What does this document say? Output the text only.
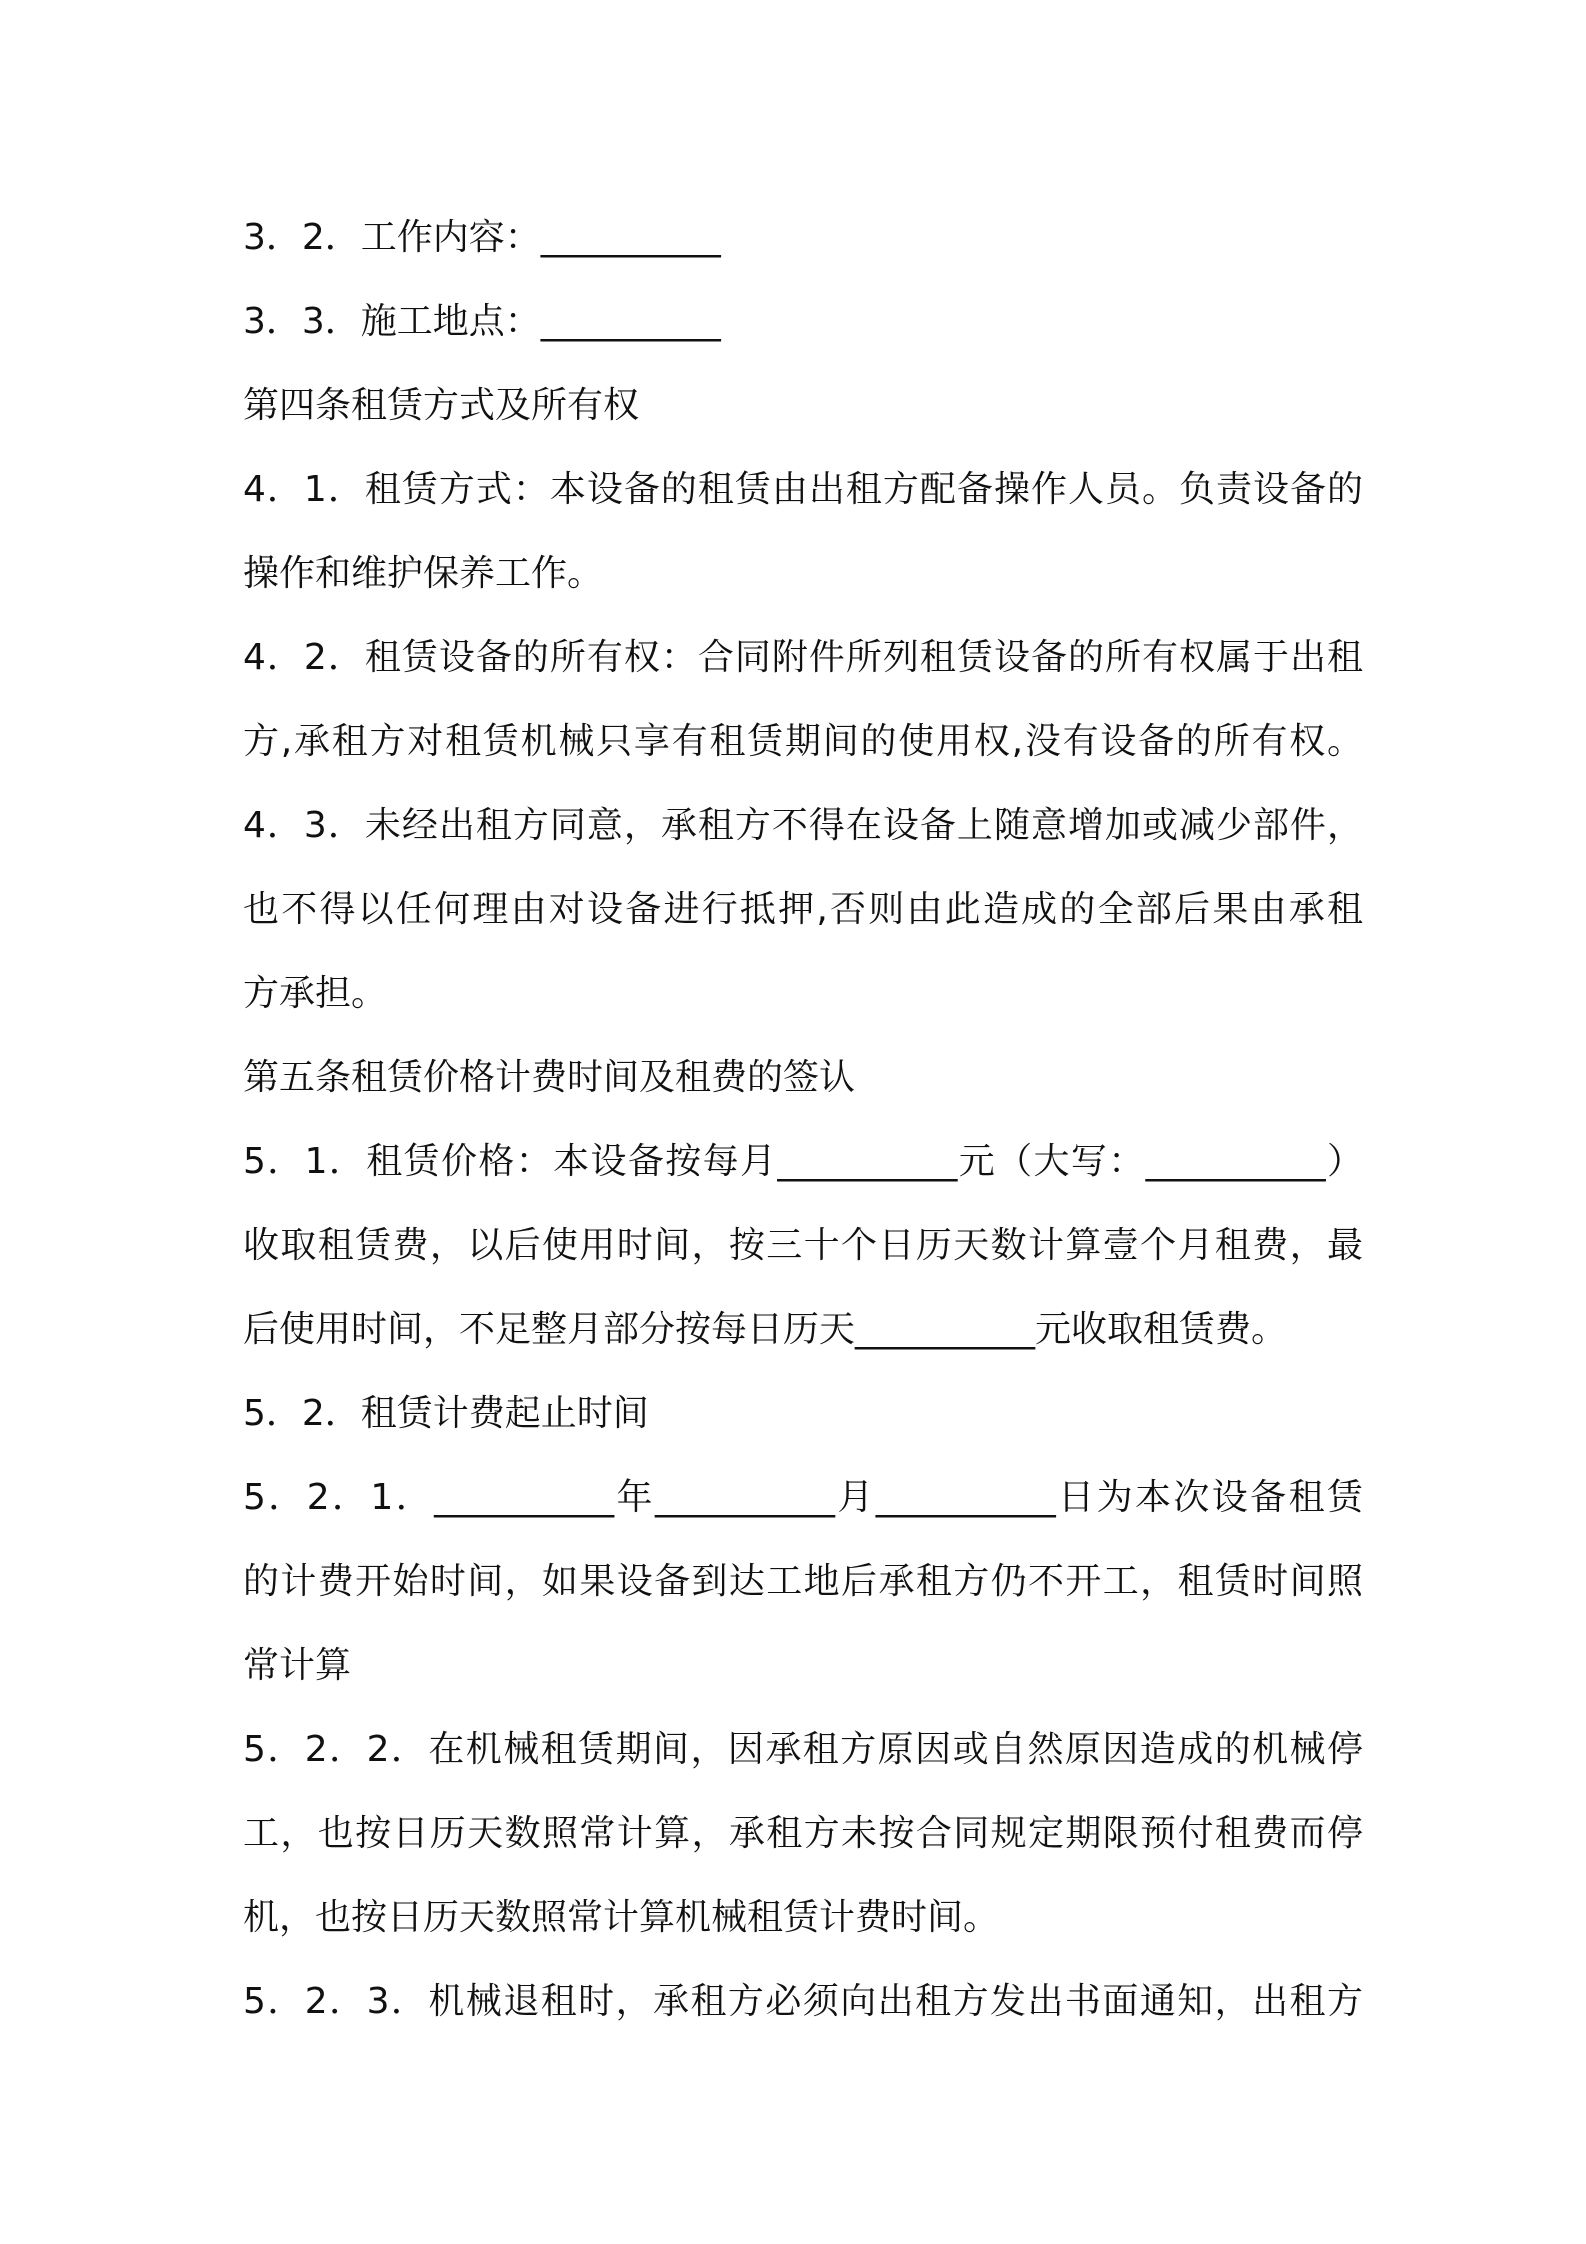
3．2．工作内容：__________
3．3．施工地点：__________
第四条租赁方式及所有权
4．1．租赁方式：本设备的租赁由出租方配备操作人员。负责设备的
操作和维护保养工作。
4．2．租赁设备的所有权：合同附件所列租赁设备的所有权属于出租
方,承租方对租赁机械只享有租赁期间的使用权,没有设备的所有权。
4．3．未经出租方同意，承租方不得在设备上随意增加或减少部件，
也不得以任何理由对设备进行抵押,否则由此造成的全部后果由承租
方承担。
第五条租赁价格计费时间及租费的签认
5．1．租赁价格：本设备按每月__________元（大写：__________）
收取租赁费，以后使用时间，按三十个日历天数计算壹个月租费，最
后使用时间，不足整月部分按每日历天__________元收取租赁费。
5．2．租赁计费起止时间
5．2．1．__________年__________月__________日为本次设备租赁
的计费开始时间，如果设备到达工地后承租方仍不开工，租赁时间照
常计算
5．2．2．在机械租赁期间，因承租方原因或自然原因造成的机械停
工，也按日历天数照常计算，承租方未按合同规定期限预付租费而停
机，也按日历天数照常计算机械租赁计费时间。
5．2．3．机械退租时，承租方必须向出租方发出书面通知，出租方
